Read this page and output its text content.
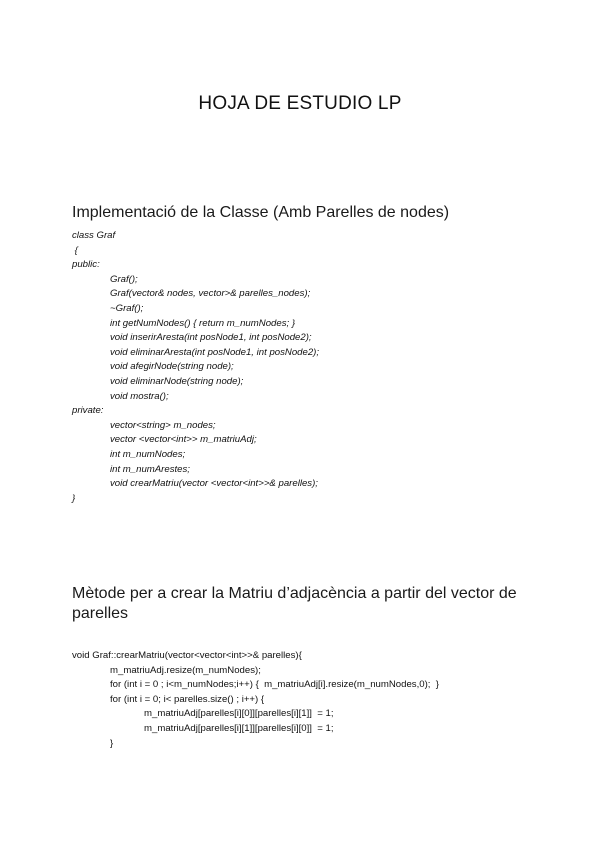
HOJA DE ESTUDIO LP
Implementació de la Classe (Amb Parelles de nodes)
class Graf
{
public:
Graf();
Graf(vector& nodes, vector>& parelles_nodes);
~Graf();
int getNumNodes() { return m_numNodes; }
void inserirAresta(int posNode1, int posNode2);
void eliminarAresta(int posNode1, int posNode2);
void afegirNode(string node);
void eliminarNode(string node);
void mostra();
private:
vector<string> m_nodes;
vector <vector<int>> m_matriuAdj;
int m_numNodes;
int m_numArestes;
void crearMatriu(vector <vector<int>>& parelles);
}
Mètode per a crear la Matriu d’adjacència a partir del vector de parelles
void Graf::crearMatriu(vector<vector<int>>& parelles){
m_matriuAdj.resize(m_numNodes);
for (int i = 0 ; i<m_numNodes;i++) {  m_matriuAdj[i].resize(m_numNodes,0);  }
for (int i = 0; i< parelles.size() ; i++) {
m_matriuAdj[parelles[i][0]][parelles[i][1]]  = 1;
m_matriuAdj[parelles[i][1]][parelles[i][0]]  = 1;
}
